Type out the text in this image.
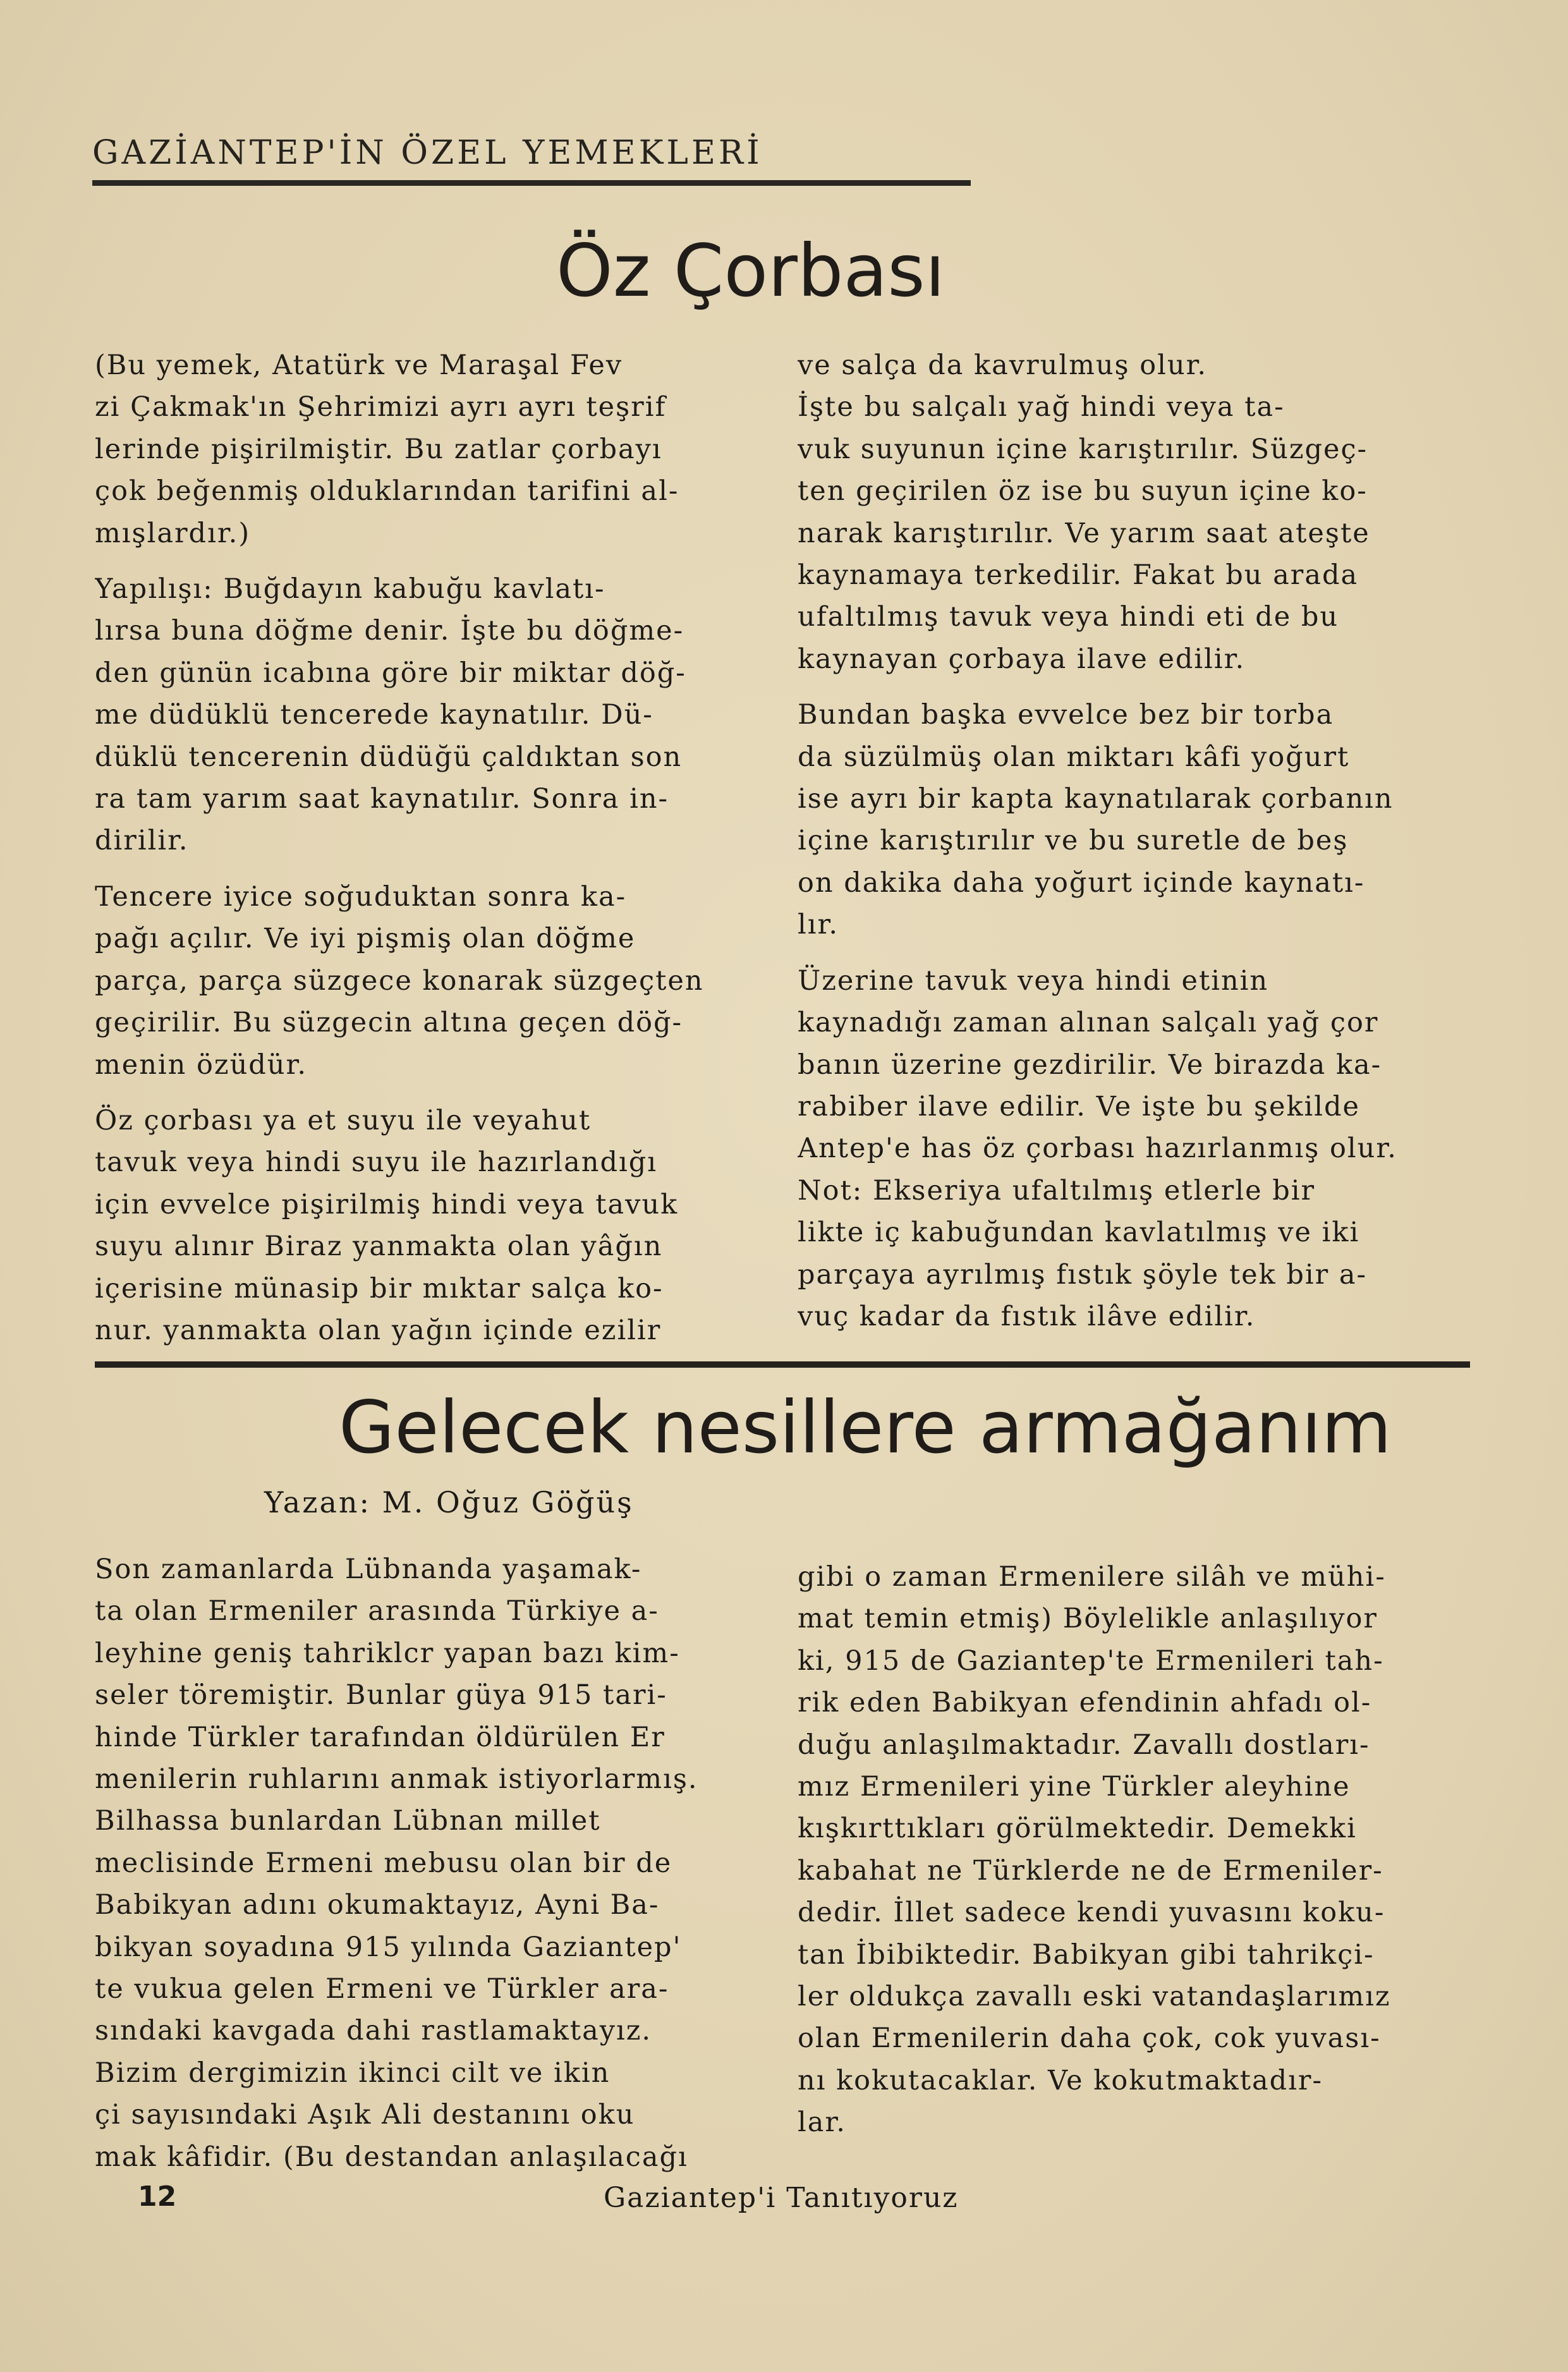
GAZİANTEP'İN ÖZEL YEMEKLERİ
Öz Çorbası

(Bu yemek, Atatürk ve Maraşal Fev

zi Çakmak'ın Şehrimizi ayrı ayrı teşrif

lerinde pişirilmiştir. Bu zatlar çorbayı

çok beğenmiş olduklarından tarifini al-

mışlardır.)

Yapılışı: Buğdayın kabuğu kavlatı-

lırsa buna döğme denir. İşte bu döğme-

den günün icabına göre bir miktar döğ-

me düdüklü tencerede kaynatılır. Dü-

düklü tencerenin düdüğü çaldıktan son

ra tam yarım saat kaynatılır. Sonra in-

dirilir.

Tencere iyice soğuduktan sonra ka-

pağı açılır. Ve iyi pişmiş olan döğme

parça, parça süzgece konarak süzgeçten

geçirilir. Bu süzgecin altına geçen döğ-

menin özüdür.

Öz çorbası ya et suyu ile veyahut

tavuk veya hindi suyu ile hazırlandığı

için evvelce pişirilmiş hindi veya tavuk

suyu alınır Biraz yanmakta olan yâğın

içerisine münasip bir mıktar salça ko-

nur. yanmakta olan yağın içinde ezilir

ve salça da kavrulmuş olur.

İşte bu salçalı yağ hindi veya ta-

vuk suyunun içine karıştırılır. Süzgeç-

ten geçirilen öz ise bu suyun içine ko-

narak karıştırılır. Ve yarım saat ateşte

kaynamaya terkedilir. Fakat bu arada

ufaltılmış tavuk veya hindi eti de bu

kaynayan çorbaya ilave edilir.

Bundan başka evvelce bez bir torba

da süzülmüş olan miktarı kâfi yoğurt

ise ayrı bir kapta kaynatılarak çorbanın

içine karıştırılır ve bu suretle de beş

on dakika daha yoğurt içinde kaynatı-

lır.

Üzerine tavuk veya hindi etinin

kaynadığı zaman alınan salçalı yağ çor

banın üzerine gezdirilir. Ve birazda ka-

rabiber ilave edilir. Ve işte bu şekilde

Antep'e has öz çorbası hazırlanmış olur.

Not: Ekseriya ufaltılmış etlerle bir

likte iç kabuğundan kavlatılmış ve iki

parçaya ayrılmış fıstık şöyle tek bir a-

vuç kadar da fıstık ilâve edilir.

Gelecek nesillere armağanım
Yazan: M. Oğuz Göğüş

Son zamanlarda Lübnanda yaşamak-

ta olan Ermeniler arasında Türkiye a-

leyhine geniş tahriklcr yapan bazı kim-

seler töremiştir. Bunlar güya 915 tari-

hinde Türkler tarafından öldürülen Er

menilerin ruhlarını anmak istiyorlarmış.

Bilhassa bunlardan Lübnan millet

meclisinde Ermeni mebusu olan bir de

Babikyan adını okumaktayız, Ayni Ba-

bikyan soyadına 915 yılında Gaziantep'

te vukua gelen Ermeni ve Türkler ara-

sındaki kavgada dahi rastlamaktayız.

Bizim dergimizin ikinci cilt ve ikin

çi sayısındaki Aşık Ali destanını oku

mak kâfidir. (Bu destandan anlaşılacağı

gibi o zaman Ermenilere silâh ve mühi-

mat temin etmiş) Böylelikle anlaşılıyor

ki, 915 de Gaziantep'te Ermenileri tah-

rik eden Babikyan efendinin ahfadı ol-

duğu anlaşılmaktadır. Zavallı dostları-

mız Ermenileri yine Türkler aleyhine

kışkırttıkları görülmektedir. Demekki

kabahat ne Türklerde ne de Ermeniler-

dedir. İllet sadece kendi yuvasını koku-

tan İbibiktedir. Babikyan gibi tahrikçi-

ler oldukça zavallı eski vatandaşlarımız

olan Ermenilerin daha çok, cok yuvası-

nı kokutacaklar. Ve kokutmaktadır-

lar.

12	Gaziantep'i Tanıtıyoruz
